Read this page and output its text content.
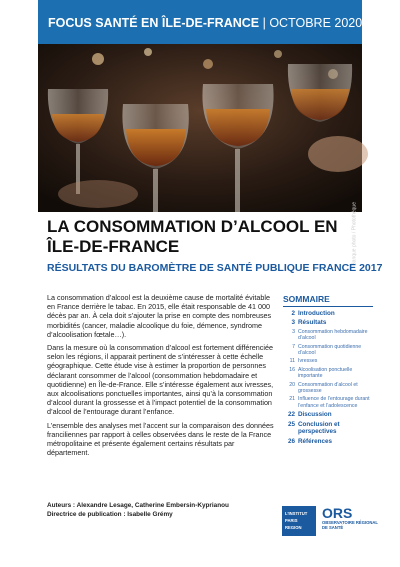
FOCUS SANTÉ EN ÎLE-DE-FRANCE | OCTOBRE 2020
Banque photo / Photothèque
LA CONSOMMATION D’ALCOOL EN ÎLE-DE-FRANCE
RÉSULTATS DU BAROMÈTRE DE SANTÉ PUBLIQUE FRANCE 2017

La consommation d’alcool est la deuxième cause de mortalité évitable en France derrière le tabac. En 2015, elle était responsable de 41 000 décès par an. À cela doit s’ajouter la prise en compte des nombreuses morbidités (cancer, maladie alcoolique du foie, démence, syndrome d’alcoolisation fœtale…).

Dans la mesure où la consommation d’alcool est fortement différenciée selon les régions, il apparait pertinent de s’intéresser à cette échelle géographique. Cette étude vise à estimer la proportion de personnes déclarant consommer de l’alcool (consommation hebdomadaire et quotidienne) en Île-de-France. Elle s’intéresse également aux ivresses, aux alcoolisations ponctuelles importantes, ainsi qu’à la consommation d’alcool durant la grossesse et à l’impact potentiel de la consommation d’alcool de l’entourage durant l’enfance.

L’ensemble des analyses met l’accent sur la comparaison des données franciliennes par rapport à celles observées dans le reste de la France métropolitaine et présente également certains résultats par département.

Auteurs : Alexandre Lesage, Catherine Embersin-Kyprianou
Directrice de publication : Isabelle Grémy
SOMMAIRE
2 Introduction
3 Résultats
3 Consommation hebdomadaire d’alcool
7 Consommation quotidienne d’alcool
11 Ivresses
16 Alcoolisation ponctuelle importante
20 Consommation d’alcool et grossesse
21 Influence de l’entourage durant l’enfance et l’adolescence
22 Discussion
25 Conclusion et perspectives
26 Références
L’INSTITUT
PARIS
REGION
ORS
OBSERVATOIRE RÉGIONAL DE SANTÉ
